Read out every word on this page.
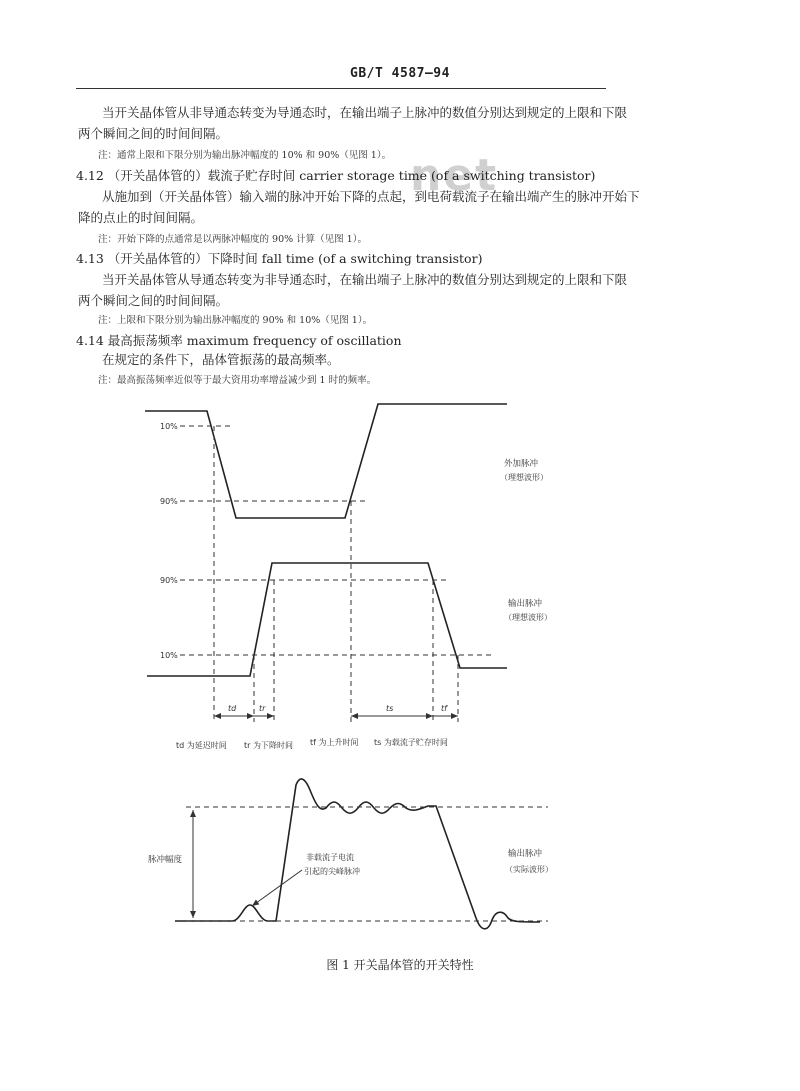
GB/T 4587—94
net
当开关晶体管从非导通态转变为导通态时，在输出端子上脉冲的数值分别达到规定的上限和下限
两个瞬间之间的时间间隔。
注：通常上限和下限分别为输出脉冲幅度的 10% 和 90%（见图 1）。
4.12 （开关晶体管的）载流子贮存时间 carrier storage time (of a switching transistor)
从施加到（开关晶体管）输入端的脉冲开始下降的点起，到电荷载流子在输出端产生的脉冲开始下
降的点止的时间间隔。
注：开始下降的点通常是以两脉冲幅度的 90% 计算（见图 1）。
4.13 （开关晶体管的）下降时间 fall time (of a switching transistor)
当开关晶体管从导通态转变为非导通态时，在输出端子上脉冲的数值分别达到规定的上限和下限
两个瞬间之间的时间间隔。
注：上限和下限分别为输出脉冲幅度的 90% 和 10%（见图 1）。
4.14 最高振荡频率 maximum frequency of oscillation
在规定的条件下，晶体管振荡的最高频率。
注：最高振荡频率近似等于最大资用功率增益减少到 1 时的频率。
10%
90%
90%
10%
外加脉冲
（理想波形）
输出脉冲
（理想波形）
td	tr	ts	tf
td 为延迟时间 tr 为下降时间 tf 为上升时间 ts 为载流子贮存时间
脉冲幅度	非载流子电流
引起的尖峰脉冲
输出脉冲
（实际波形）
图 1 开关晶体管的开关特性
